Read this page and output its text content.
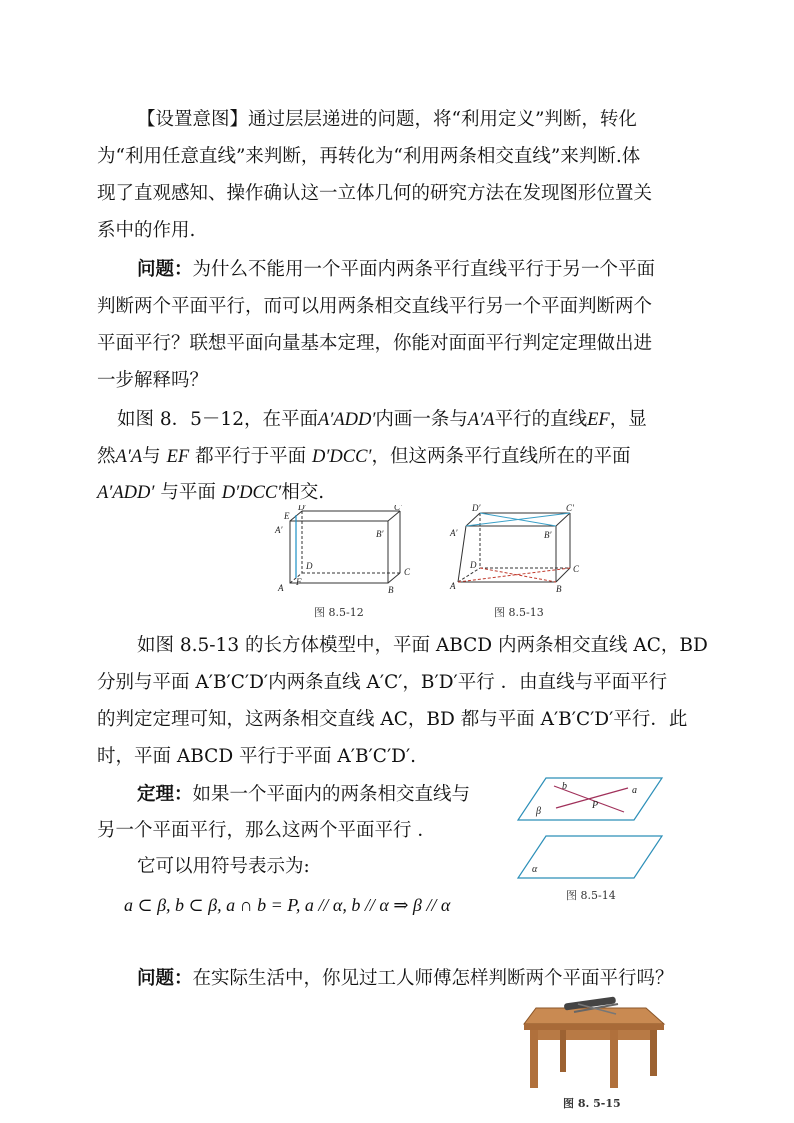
【设置意图】通过层层递进的问题，将“利用定义”判断，转化
为“利用任意直线”来判断，再转化为“利用两条相交直线”来判断.体
现了直观感知、操作确认这一立体几何的研究方法在发现图形位置关
系中的作用.
问题：为什么不能用一个平面内两条平行直线平行于另一个平面
判断两个平面平行，而可以用两条相交直线平行另一个平面判断两个
平面平行？联想平面向量基本定理，你能对面面平行判定定理做出进
一步解释吗？
如图 8．5－12，在平面A′ADD′内画一条与A′A平行的直线EF，显
然A′A与 EF 都平行于平面 D′DCC′，但这两条平行直线所在的平面
A′ADD′ 与平面 D′DCC′相交.
E
D′	C′
A′	B′
D
C
A
F
B
图 8.5-12
D′	C′
A′	B′
D	C
A	B
图 8.5-13
如图 8.5-13 的长方体模型中，平面 ABCD 内两条相交直线 AC，BD
分别与平面 A′B′C′D′内两条直线 A′C′，B′D′平行 ．由直线与平面平行
的判定定理可知，这两条相交直线 AC，BD 都与平面 A′B′C′D′平行．此
时，平面 ABCD 平行于平面 A′B′C′D′.
定理：如果一个平面内的两条相交直线与
另一个平面平行，那么这两个平面平行 ．
它可以用符号表示为:
a ⊂ β, b ⊂ β, a ∩ b = P, a // α, b // α ⇒ β // α
b	a
β
P
α
图 8.5-14
问题：在实际生活中，你见过工人师傅怎样判断两个平面平行吗？
图 8. 5-15
